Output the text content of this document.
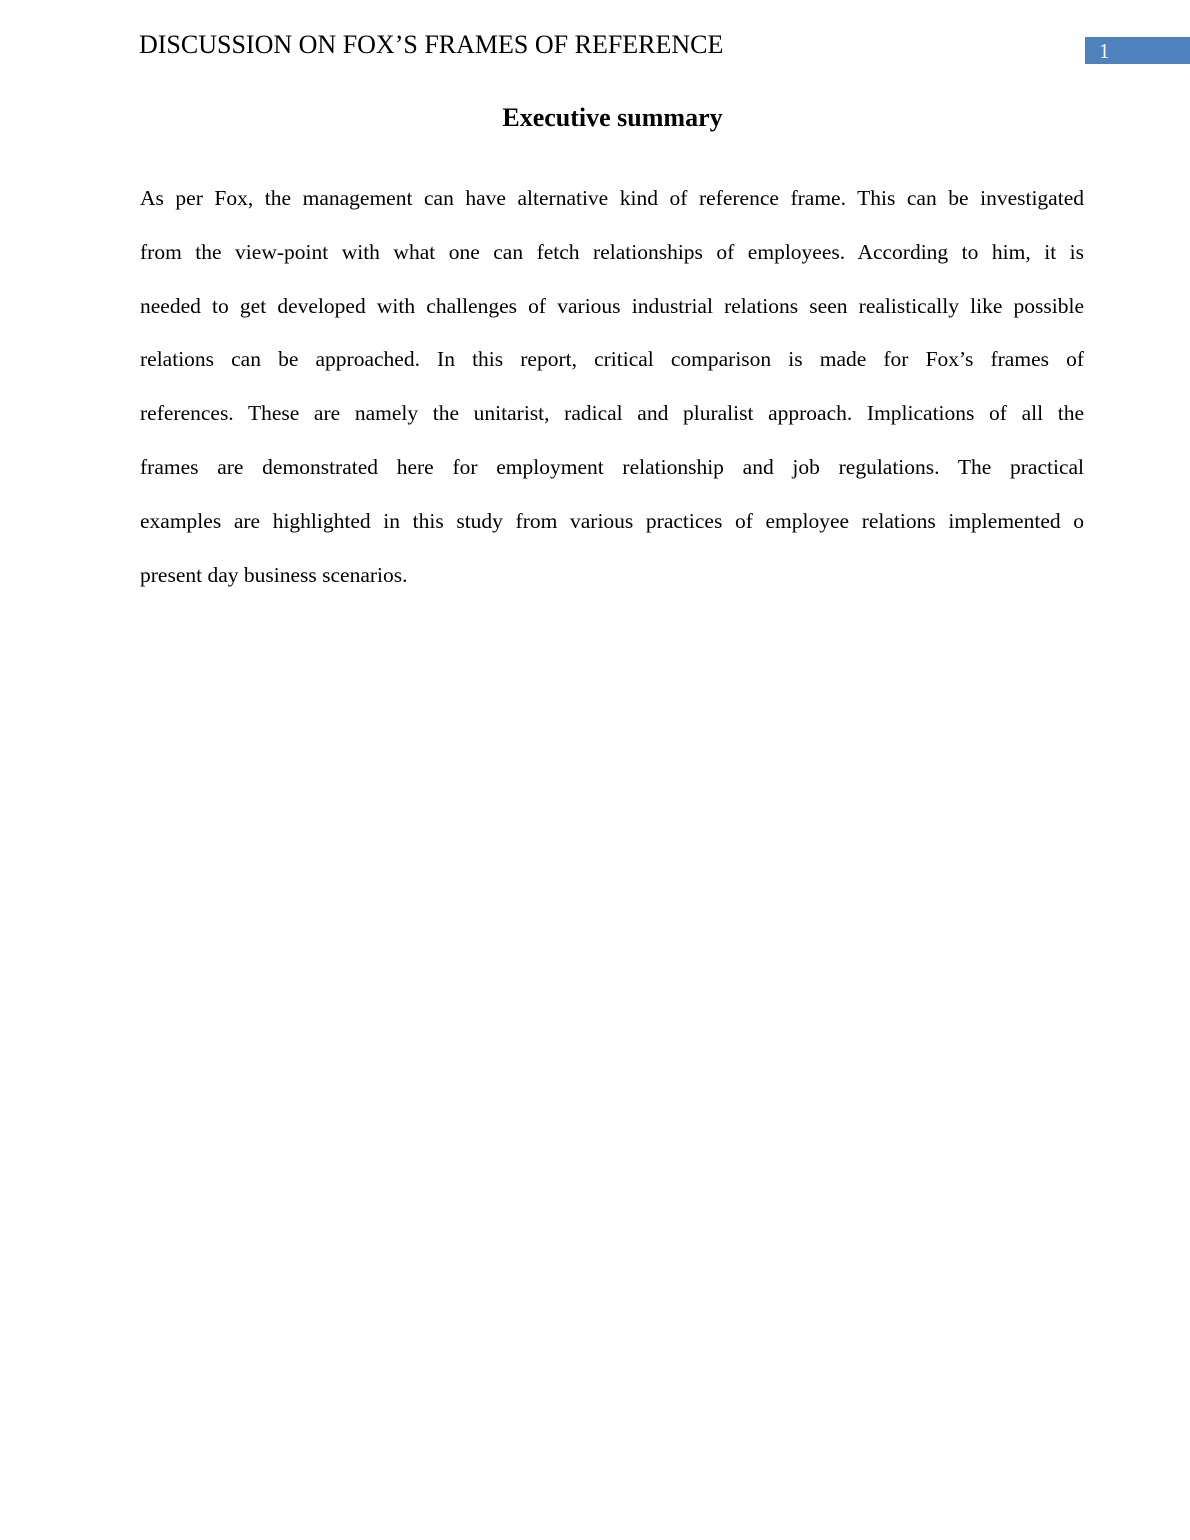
DISCUSSION ON FOX’S FRAMES OF REFERENCE	1
Executive summary
As per Fox, the management can have alternative kind of reference frame. This can be investigated
from the view-point with what one can fetch relationships of employees. According to him, it is
needed to get developed with challenges of various industrial relations seen realistically like possible
relations can be approached. In this report, critical comparison is made for Fox’s frames of
references. These are namely the unitarist, radical and pluralist approach. Implications of all the
frames are demonstrated here for employment relationship and job regulations. The practical
examples are highlighted in this study from various practices of employee relations implemented o
present day business scenarios.
